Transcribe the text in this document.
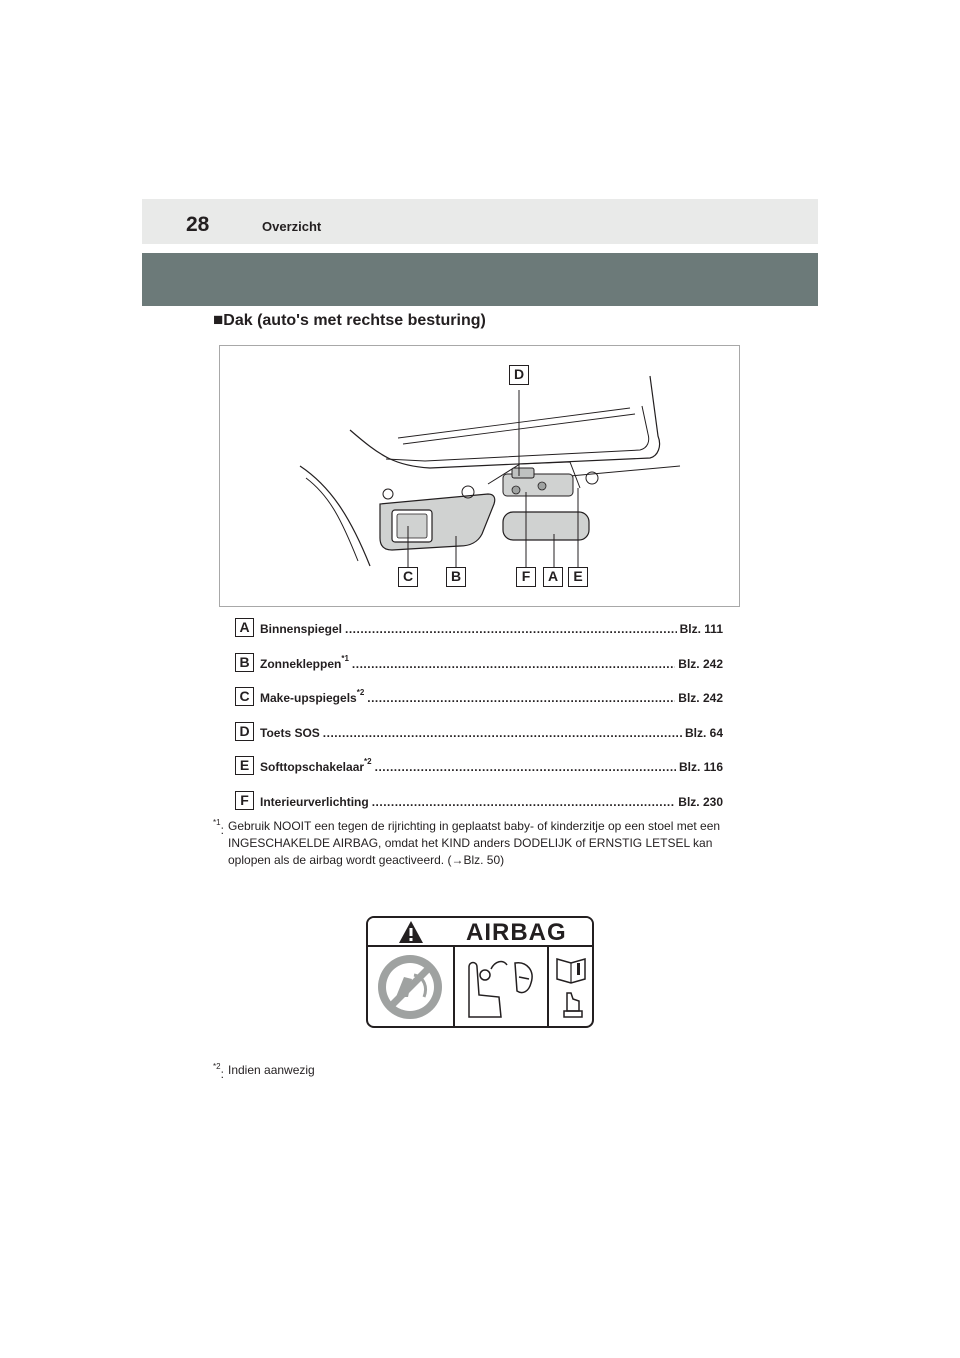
28	Overzicht
■Dak (auto's met rechtse besturing)
D
C	B	F	A	E
A Binnenspiegel .....	Blz. 111
B Zonnekleppen$^{*1}$ .....	Blz. 242
C Make-upspiegels$^{*2}$ .....	Blz. 242
D Toets SOS .....	Blz. 64
E Softtopschakelaar$^{*2}$ .....	Blz. 116
F Interieurverlichting .....	Blz. 230
$^{*1}$: Gebruik NOOIT een tegen de rijrichting in geplaatst baby- of kinderzitje op een stoel met een INGESCHAKELDE AIRBAG, omdat het KIND anders DODELIJK of ERNSTIG LETSEL kan oplopen als de airbag wordt geactiveerd. (→Blz. 50)
AIRBAG
$^{*2}$: Indien aanwezig
